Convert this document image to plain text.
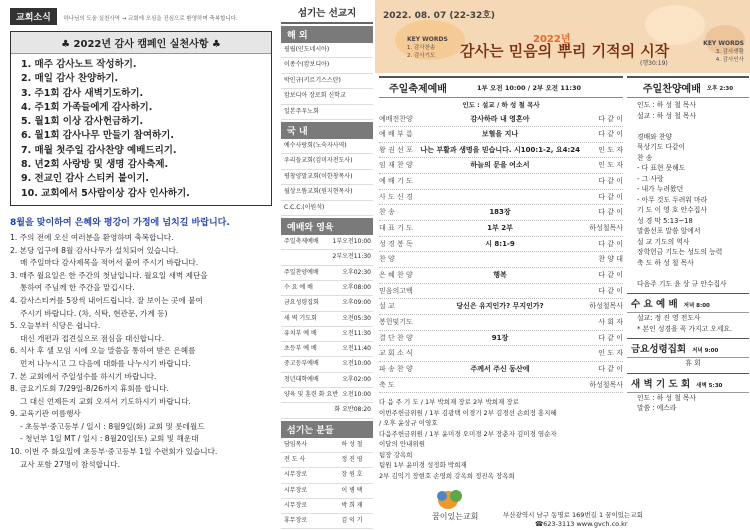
교회소식 하나님의 도움 실천사역 → 교회에 오심을 진심으로 환영하며 축복합니다.
♣ 2022년 감사 캠페인 실천사항 ♣
1. 매주 감사노트 작성하기.
2. 매일 감사 찬양하기.
3. 주1회 감사 새벽기도하기.
4. 주1회 가족들에게 감사하기.
5. 월1회 이상 감사헌금하기.
6. 월1회 감사나무 만들기 참여하기.
7. 매월 첫주일 감사찬양 예배드리기.
8. 년2회 사랑방 및 생명 감사축제.
9. 전교인 감사 스티커 붙이기.
10. 교회에서 5사람이상 감사 인사하기.
8월을 맞이하여 은혜와 평강이 가정에 넘치길 바랍니다.
1. 주의 전에 오신 여러분을 환영하며 축복합니다.
2. 본당 입구에 8월 감사나무가 설치되어 있습니다.
매 주일마다 감사제목을 적어서 붙여 주시기 바랍니다.
3. 매주 월요일은 한 주간의 첫날입니다. 월요일 새벽 제단을
통하여 주님께 한 주간을 맡깁시다.
4. 감사스티커를 5장씩 내어드립니다. 잘 보이는 곳에 붙여
주시기 바랍니다. (차, 식탁, 현관문, 가계 등)
5. 오늘부터 식당은 쉽니다.
대신 개편과 접견실으로 점심을 대신합니다.
6. 식사 후 셀 모임 시에 오늘 말씀을 통하여 받은 은혜를
먼저 나누시고 그 다음에 대화를 나누시기 바랍니다.
7. 본 교회에서 주일성수를 하시기 바랍니다.
8. 금요기도회 7/29일-8/26까지 휴회를 합니다.
그 대신 언제든지 교회 오셔서 기도하시기 바랍니다.
9. 교육기관 여름행사
- 초등부·중고등부 / 일시 : 8월9일(화) 교회 및 롯데월드
- 청년부 1일 MT / 일시 : 8월20일(토) 교회 및 해운대
10. 이번 주 화요일에 초등부·중고등부 1일 수련회가 있습니다.
교사 포함 27명이 참석합니다.
섬기는 선교지
해 외
필립(인도네시아)
이종수(캄보디아)
박인규(키르기스스탄)
캄보디아 장로회 신학교
일본주우노회
국 내
예수사랑회(노숙자사역)
우리들교회(김미자전도사)
평창양말교회(이한창목사)
월상으뜸교회(원지현목사)
C.C.C.(이원석)
예배와 영육
주일축제예배	1부오전10:00
2부오전11:30
주일찬양예배	오후02:30
수 요 예 배	오후08:00
금요성령집회	오후09:00
새 벽 기도회	오전05:30
유치부 예 배	오전11:30
초등부 예 배	오전11:40
중고등부예배	오전10:00
청년대학예배	오후02:00
양육 및 훈련 화 요반 오전10:00
화 요반08:20
섬기는 분들
담임목사	하 성 철
전 도 사	정 진 영
시무장로	장 원 호
시무장로	이 병 택
시무장로	박 희 재
휴무장로	김 익 기
2022. 08. 07 (22-32호)
KEY WORDS
1. 감사찬송
2. 감사기도
2022년
감사는 믿음의 뿌리 기적의 시작
(행30:19)
KEY WORDS
3. 감사생활
4. 감사인사
주일축제예배	1부 오전 10:00 / 2부 오전 11:30	주일찬양예배 오후 2:30
인도 : 설교 / 하 성 철 목사
예배전찬양	감사하라 내 영혼아	다 같 이
예 배 부 름	보혈을 지나	다 같 이
왕 권 선 포	나는 부활과 생명을 믿습니다. 시100:1-2, 요4:24	인 도 자
임 재 찬 양	하늘의 문을 여소서	인 도 자
예 배 기 도	다 같 이
사 도 신 경	다 같 이
찬 송	183장	다 같 이
대 표 기 도	1부 2부	하성철목사
성 경 봉 독	시 8:1-9	다 같 이
찬 양	찬 양 대
은 혜 찬 양	행복	다 같 이
믿음의고백	다 같 이
설 교	당신은 유지인가? 무지인가?	하성철목사
봉헌및기도	사 회 자
결 단 찬 양	91장	다 같 이
교 회 소 식	인 도 자
파 송 찬 양	주께서 주신 동산에	다 같 이
축 도	하성철목사
다 음 주 기 도 / 1부 박희재 장로 2부 박희재 장로
이번주헌금위원 / 1부 김광택 이경기 2부 김경선 손희정 홍지혜
/ 오후 윤상규 이영호
다음주헌금위원 / 1부 윤미경 오미경 2부 장춘자 김미경 염순자
이달의 안내위원
팀장 강옥희
팀원 1부 윤미경 성정화 박희재
2부 김익기 장현호 손영희 강옥희 정진옥 장옥희
인도 : 하 성 철 목사
설교 : 하 성 철 목사

경배와 찬양
묵상기도 다같이
찬 송
- 다 표현 못해도
- 그 사랑
- 내가 누려왔던
- 아무 것도 두려워 마라
기 도 이 영 호 안수집사
성 경 막 5:13~18
말씀선포 말씀 앞에서
설 교 기도의 역사
장학헌금 기도는 성도의 능력
축 도 하 성 철 목사

다음주 기도 윤 상 규 안수집사
수 요 예 배 저녁 8:00
설교: 정 진 영 전도사
* 본인 성경을 꼭 가지고 오세요.
금요성령집회 저녁 9:00
휴 회
새 벽 기 도 회 새벽 5:30
인도 : 하 성 철 목사
말씀 : 에스라
꿈이있는교회	부산광역시 남구 동명로 169번길 1 꿈이있는교회
☎623-3113 www.gvch.co.kr
